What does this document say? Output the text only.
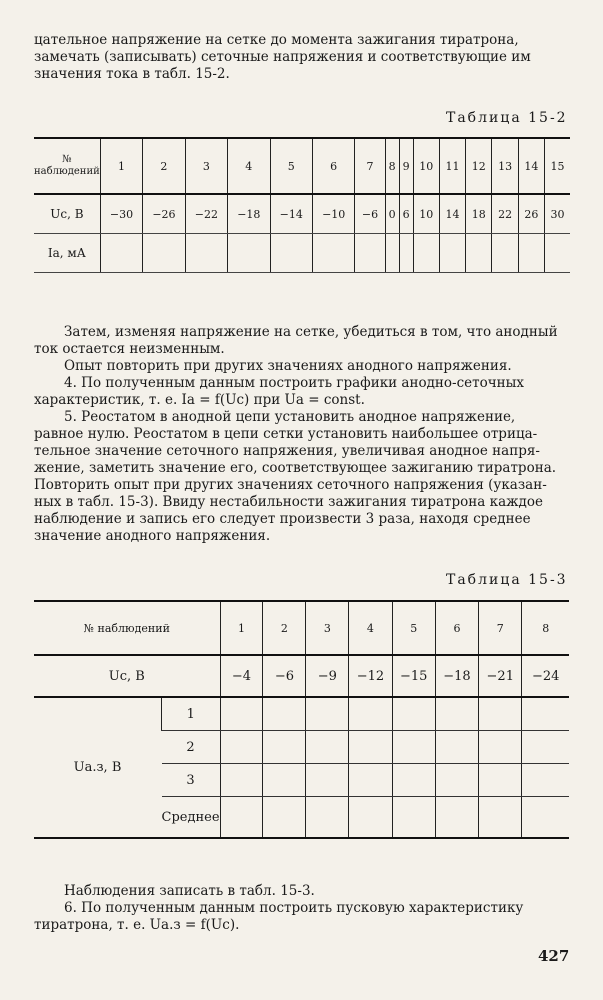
цательное напряжение на сетке до момента зажигания тиратрона,
замечать (записывать) сеточные напряжения и соответствующие им
значения тока в табл. 15-2.
Таблица 15-2
№ наблюдений	1	2	3	4	5	6	7	8	9	10	11	12	13	14	15
Uс, В	−30	−26	−22	−18	−14	−10	−6	0	6	10	14	18	22	26	30
Iа, мА															
Затем, изменяя напряжение на сетке, убедиться в том, что анодный
ток остается неизменным.
Опыт повторить при других значениях анодного напряжения.
4. По полученным данным построить графики анодно-сеточных
характеристик, т. е. Iа = f(Uс) при Uа = const.
5. Реостатом в анодной цепи установить анодное напряжение,
равное нулю. Реостатом в цепи сетки установить наибольшее отрица-
тельное значение сеточного напряжения, увеличивая анодное напря-
жение, заметить значение его, соответствующее зажиганию тиратрона.
Повторить опыт при других значениях сеточного напряжения (указан-
ных в табл. 15-3). Ввиду нестабильности зажигания тиратрона каждое
наблюдение и запись его следует произвести 3 раза, находя среднее
значение анодного напряжения.
Таблица 15-3
№ наблюдений		1	2	3	4	5	6	7	8
Uс, В		−4	−6	−9	−12	−15	−18	−21	−24
Uа.з, В	1								
	2								
	3								
	Среднее								
Наблюдения записать в табл. 15-3.
6. По полученным данным построить пусковую характеристику
тиратрона, т. е. Uа.з = f(Uс).
427
